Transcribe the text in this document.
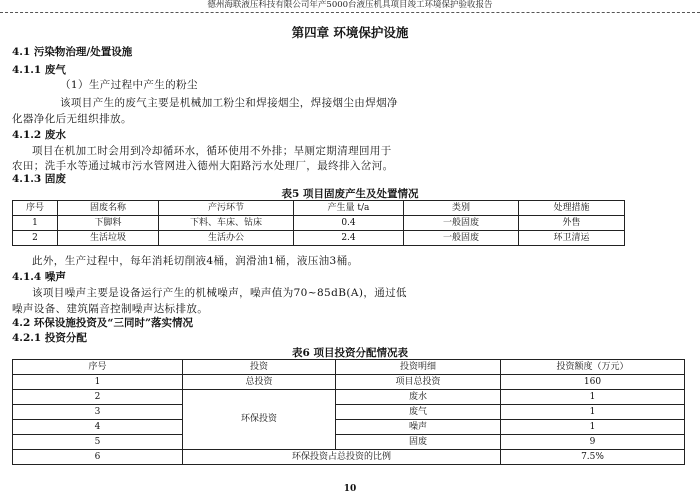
德州海联液压科技有限公司年产5000台液压机具项目竣工环境保护验收报告
第四章 环境保护设施
4.1 污染物治理/处置设施
4.1.1 废气
（1）生产过程中产生的粉尘
该项目产生的废气主要是机械加工粉尘和焊接烟尘，焊接烟尘由焊烟净
化器净化后无组织排放。
4.1.2 废水
项目在机加工时会用到冷却循环水，循环使用不外排；旱厕定期清理回用于
农田；洗手水等通过城市污水管网进入德州大阳路污水处理厂，最终排入岔河。
4.1.3 固废
表5 项目固废产生及处置情况
序号	固废名称	产污环节	产生量 t/a	类别	处理措施
1	下脚料	下料、车床、钻床	0.4	一般固废	外售
2	生活垃圾	生活办公	2.4	一般固废	环卫清运
此外，生产过程中，每年消耗切削液4桶，润滑油1桶，液压油3桶。
4.1.4 噪声
该项目噪声主要是设备运行产生的机械噪声，噪声值为70~85dB(A)，通过低
噪声设备、建筑隔音控制噪声达标排放。
4.2 环保设施投资及“三同时”落实情况
4.2.1 投资分配
表6 项目投资分配情况表
序号	投资	投资明细	投资额度（万元）
1	总投资	项目总投资	160
2	环保投资	废水	1
3		废气	1
4		噪声	1
5		固废	9
6	环保投资占总投资的比例		7.5%
10
